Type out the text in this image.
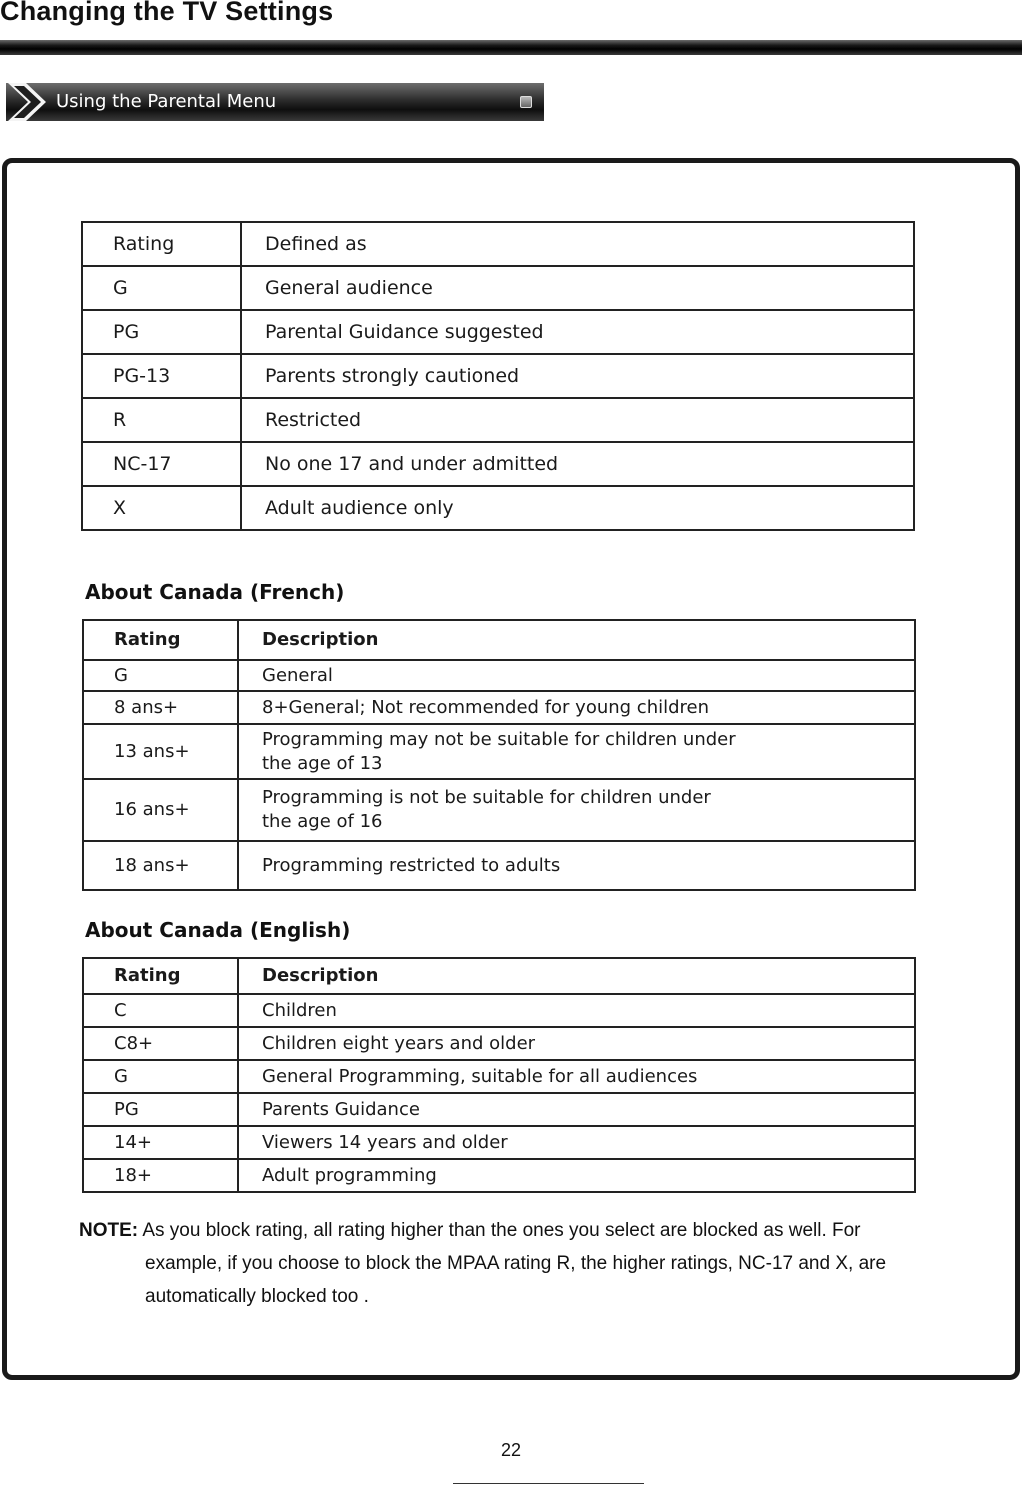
Changing the TV Settings
Using the Parental Menu
Rating	Defined as
G	General audience
PG	Parental Guidance suggested
PG-13	Parents strongly cautioned
R	Restricted
NC-17	No one 17 and under admitted
X	Adult audience only
About Canada (French)
Rating	Description
G	General
8 ans+	8+General; Not recommended for young children
13 ans+	Programming may not be suitable for children under
the age of 13

16 ans+	Programming is not be suitable for children under
the age of 16

18 ans+	Programming restricted to adults
About Canada (English)
Rating	Description
C	Children
C8+	Children eight years and older
G	General Programming, suitable for all audiences
PG	Parents Guidance
14+	Viewers 14 years and older
18+	Adult programming
NOTE: As you block rating, all rating higher than the ones you select are blocked as well. For
example, if you choose to block the MPAA rating R, the higher ratings, NC-17 and X, are
automatically blocked too .
22
